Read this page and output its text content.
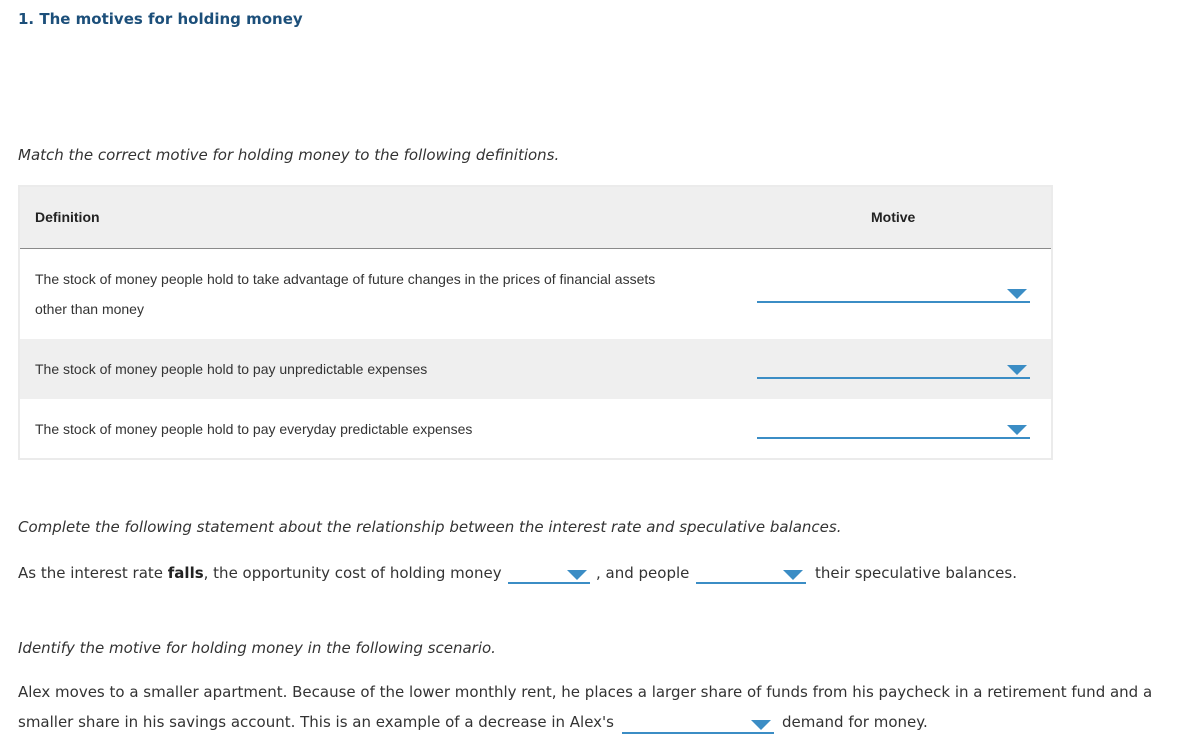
1. The motives for holding money
Match the correct motive for holding money to the following definitions.
Definition	Motive
The stock of money people hold to take advantage of future changes in the prices of financial assets
other than money
The stock of money people hold to pay unpredictable expenses
The stock of money people hold to pay everyday predictable expenses
Complete the following statement about the relationship between the interest rate and speculative balances.
As the interest rate falls, the opportunity cost of holding money	, and people	their speculative balances.
Identify the motive for holding money in the following scenario.
Alex moves to a smaller apartment. Because of the lower monthly rent, he places a larger share of funds from his paycheck in a retirement fund and a
smaller share in his savings account. This is an example of a decrease in Alex's	demand for money.
